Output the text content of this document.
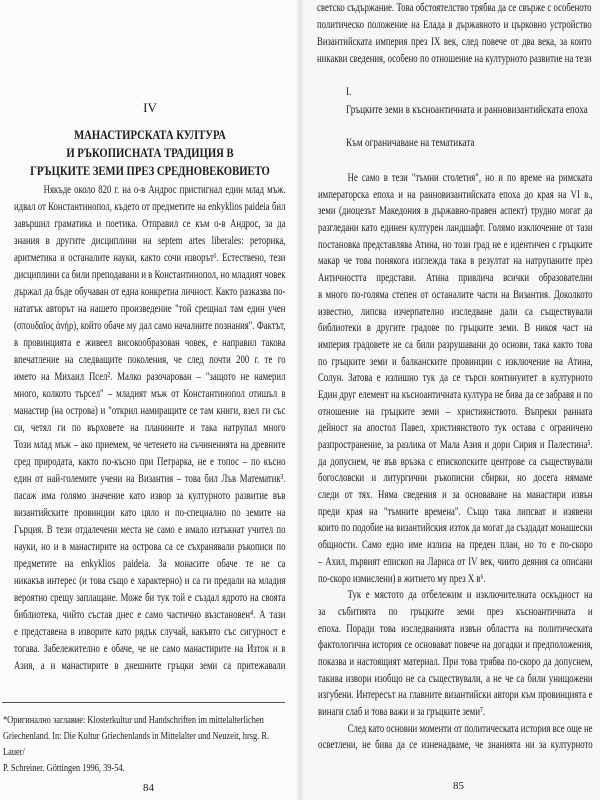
IV
МАНАСТИРСКАТА КУЛТУРА
И РЪКОПИСНАТА ТРАДИЦИЯ В
ГРЪЦКИТЕ ЗЕМИ ПРЕЗ СРЕДНОВЕКОВИЕТО
Някъде около 820 г. на о-в Андрос пристигнал един млад мъж.
идвал от Константинопол, където от предметите на enkyklios paideia бил
завършил граматика и поетика. Отправил се към о-в Андрос, за да
знания в другите дисциплини на septem artes liberales: реторика,
аритметика и останалите науки, както сочи изворът¹. Естествено, тези
дисциплини са били преподавани и в Константинопол, но младият човек
държал да бъде обучаван от една конкретна личност. Както разказва по-
нататък авторът на нашето произведение "той срещнал там един учен
(σπουδαῖος ἀνήρ), който обаче му дал само началните познания". Фактът,
в провинцията е живеел високообразован човек, е направил такова
впечатление на следващите поколения, че след почти 200 г. те го
името на Михаил Псел². Малко разочарован – "защото не намерил
много, колкото търсел" – младият мъж от Константинопол отишъл в
манастир (на острова) и "открил намиращите се там книги, взел ги със
си, четял ги по върховете на планините и така натрупал много
Този млад мъж – ако приемем, че четенето на съчиненията на древните
сред природата, както по-късно при Петрарка, не е топос – по късно
един от най-големите учени на Византия – това бил Лъв Математик³.
пасаж има голямо значение като извор за културното развитие във
византийските провинции като цяло и по-специално по земите на
Гърция. В тези отдалечени места не само е имало изтъкнат учител по
науки, но и в манастирите на острова са се съхранявали ръкописи по
предметите на enkyklios paideia. За монасите обаче те не са
никакъв интерес (и това също е характерно) и са ги предали на младия
вероятно срещу заплащане. Може би тук той е създал ядрото на своята
библиотека, чийто състав днес е само частично възстановен⁴. А тази
е представена в изворите като рядък случай, какъвто със сигурност е
тогава. Забележително е обаче, че не само манастирите на Изток и в
Азия, а и манастирите в днешните гръцки земи са притежавали
*Оригинално заглавие: Klosterkultur und Handschriften im mittelalterlichen
Griechenland. In: Die Kultur Griechenlands in Mittelalter und Neuzeit, hrsg. R. Lauer/
P. Schreiner. Göttingen 1996, 39-54.
84
светско съдържание. Това обстоятелство трябва да се свърже с особеното
политическо положение на Елада в държавното и църковно устройство
Византийската империя през IX век, след повече от два века, за които
никакви сведения, особено по отношение на културното развитие на тези
I.
Гръцките земи в късноантичната и ранновизантийската епоха
Към ограничаване на тематиката
Не само в тези "тъмни столетия", но и по време на римската
императорска епоха и на ранновизантийската епоха до края на VI в.,
земи (диоцезът Македония в държавно-правен аспект) трудно могат да
разгледани като единен културен ландшафт. Голямо изключение от тази
постановка представлява Атина, но този град не е идентичен с гръцките
макар че това понякога изглежда така в резултат на натрупаните през
Античността представи. Атина привлича всички образователни
в много по-голяма степен от останалите части на Византия. Доколкото
известно, липсва изчерпателно изследване дали са съществували
библиотеки в другите градове по гръцките земи. В никоя част на
империя градовете не са били разрушавани до основи, така както това
по гръцките земи и балканските провинции с изключение на Атина,
Солун. Затова е излишно тук да се търси континуитет в културното
Един друг елемент на късноантичната култура не бива да се забравя и по
отношение на гръцките земи – християнството. Въпреки ранната
дейност на апостол Павел, християнството тук остава с ограничено
разпространение, за разлика от Мала Азия и дори Сирия и Палестина⁵.
да допуснем, че във връзка с епископските центрове са съществували
богословски и литургични ръкописни сбирки, но досега нямаме
следи от тях. Няма сведения и за основаване на манастири извън
преди края на "тъмните времена". Също така липсват и изявени
които по подобие на византийския изток да могат да създадат монашески
общности. Само едно име излиза на преден план, но то е по-скоро
– Ахил, първият епископ на Лариса от IV век, чиито деяния са описани
по-скоро измислени) в житието му през X в⁶.
Тук е мястото да отбележим и изключителната оскъдност на
за събитията по гръцките земи през късноантичната и
епоха. Поради това изследванията извън областта на политическата
фактологична история се основават повече на догадки и предположения,
показва и настоящият материал. При това трябва по-скоро да допуснем,
такива извори изобщо не са съществували, а не че са били унищожени
изгубени. Интересът на главните византийски автори към провинцията е
винаги слаб и това важи и за гръцките земи⁷.
След като основни моменти от политическата история все още не
осветлени, не бива да се изненадваме, че знанията ни за културното
85
